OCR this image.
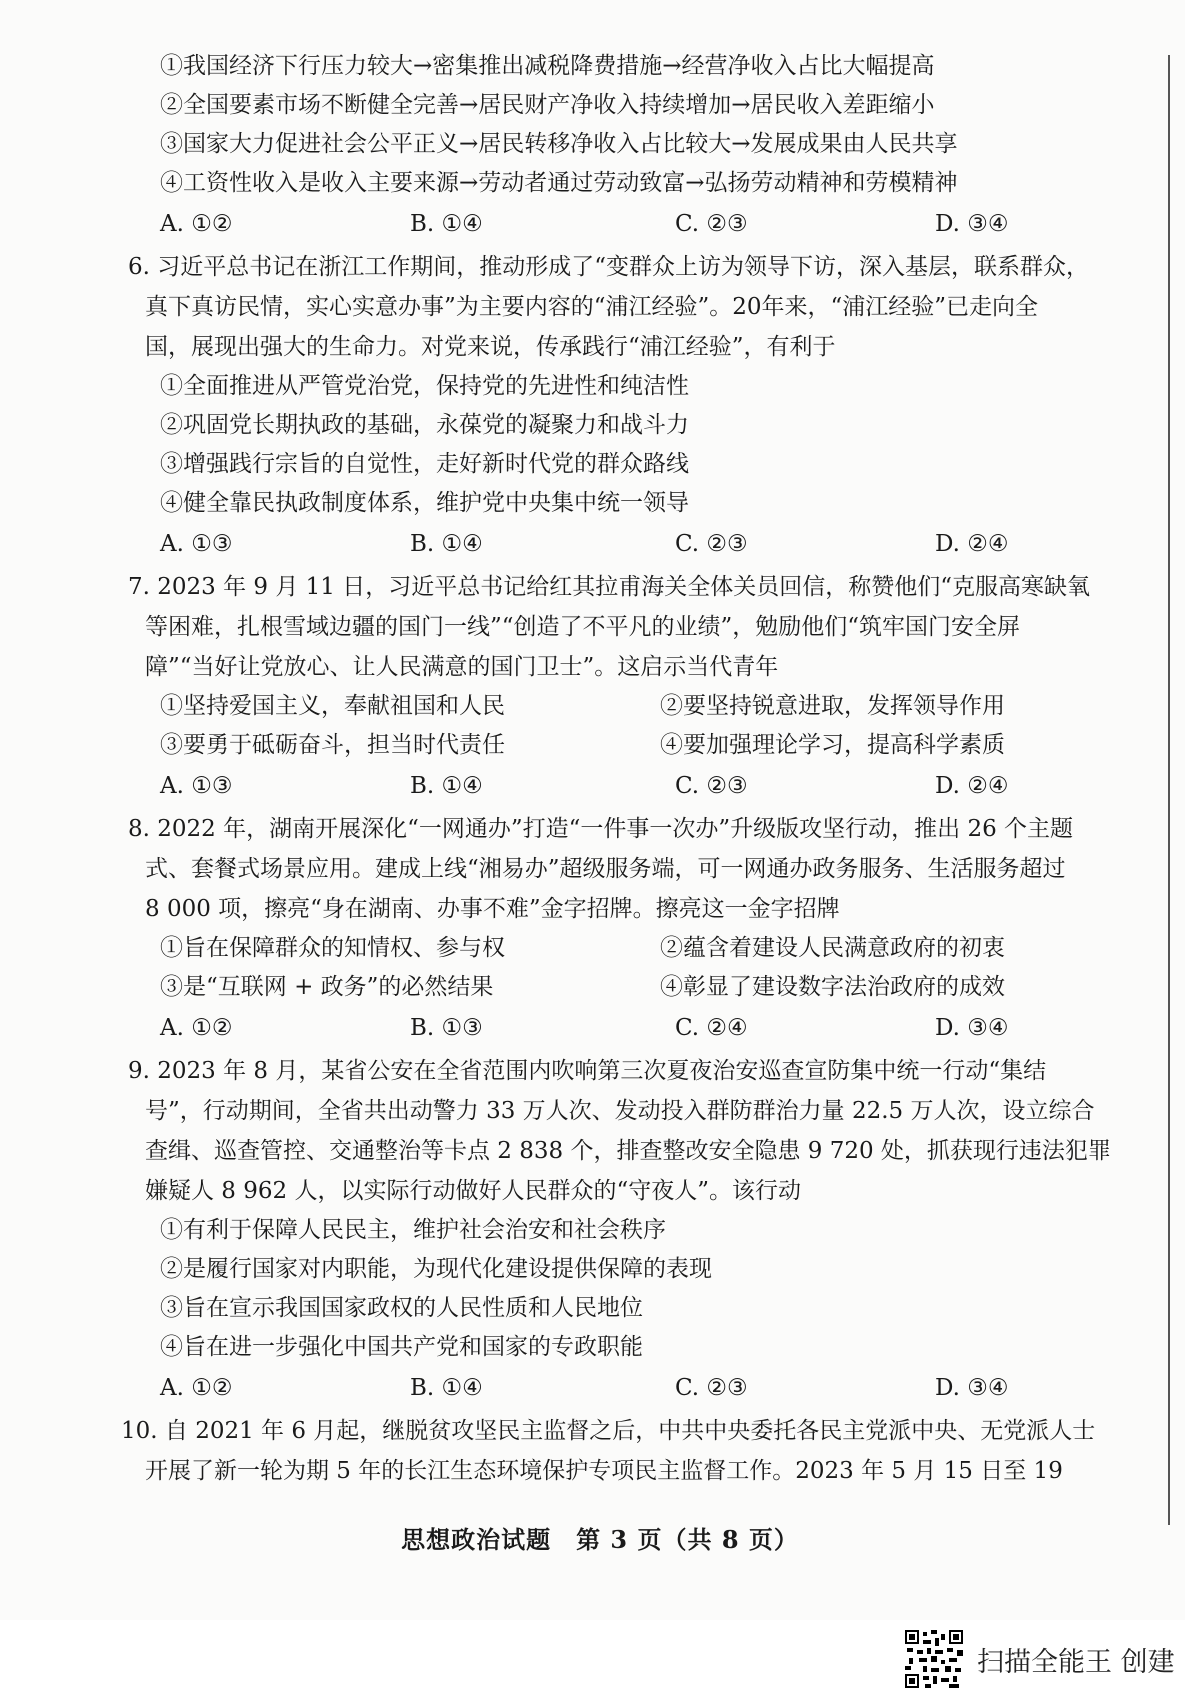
①我国经济下行压力较大→密集推出减税降费措施→经营净收入占比大幅提高
②全国要素市场不断健全完善→居民财产净收入持续增加→居民收入差距缩小
③国家大力促进社会公平正义→居民转移净收入占比较大→发展成果由人民共享
④工资性收入是收入主要来源→劳动者通过劳动致富→弘扬劳动精神和劳模精神
A. ①②	B. ①④	C. ②③	D. ③④
6. 习近平总书记在浙江工作期间，推动形成了“变群众上访为领导下访，深入基层，联系群众，
真下真访民情，实心实意办事”为主要内容的“浦江经验”。20年来，“浦江经验”已走向全
国，展现出强大的生命力。对党来说，传承践行“浦江经验”，有利于
①全面推进从严管党治党，保持党的先进性和纯洁性
②巩固党长期执政的基础，永葆党的凝聚力和战斗力
③增强践行宗旨的自觉性，走好新时代党的群众路线
④健全靠民执政制度体系，维护党中央集中统一领导
A. ①③	B. ①④	C. ②③	D. ②④
7. 2023 年 9 月 11 日，习近平总书记给红其拉甫海关全体关员回信，称赞他们“克服高寒缺氧
等困难，扎根雪域边疆的国门一线”“创造了不平凡的业绩”，勉励他们“筑牢国门安全屏
障”“当好让党放心、让人民满意的国门卫士”。这启示当代青年
①坚持爱国主义，奉献祖国和人民	②要坚持锐意进取，发挥领导作用
③要勇于砥砺奋斗，担当时代责任	④要加强理论学习，提高科学素质
A. ①③	B. ①④	C. ②③	D. ②④
8. 2022 年，湖南开展深化“一网通办”打造“一件事一次办”升级版攻坚行动，推出 26 个主题
式、套餐式场景应用。建成上线“湘易办”超级服务端，可一网通办政务服务、生活服务超过
8 000 项，擦亮“身在湖南、办事不难”金字招牌。擦亮这一金字招牌
①旨在保障群众的知情权、参与权	②蕴含着建设人民满意政府的初衷
③是“互联网 + 政务”的必然结果	④彰显了建设数字法治政府的成效
A. ①②	B. ①③	C. ②④	D. ③④
9. 2023 年 8 月，某省公安在全省范围内吹响第三次夏夜治安巡查宣防集中统一行动“集结
号”，行动期间，全省共出动警力 33 万人次、发动投入群防群治力量 22.5 万人次，设立综合
查缉、巡查管控、交通整治等卡点 2 838 个，排查整改安全隐患 9 720 处，抓获现行违法犯罪
嫌疑人 8 962 人，以实际行动做好人民群众的“守夜人”。该行动
①有利于保障人民民主，维护社会治安和社会秩序
②是履行国家对内职能，为现代化建设提供保障的表现
③旨在宣示我国国家政权的人民性质和人民地位
④旨在进一步强化中国共产党和国家的专政职能
A. ①②	B. ①④	C. ②③	D. ③④
10. 自 2021 年 6 月起，继脱贫攻坚民主监督之后，中共中央委托各民主党派中央、无党派人士
开展了新一轮为期 5 年的长江生态环境保护专项民主监督工作。2023 年 5 月 15 日至 19
思想政治试题　第 3 页（共 8 页）
扫描全能王 创建
